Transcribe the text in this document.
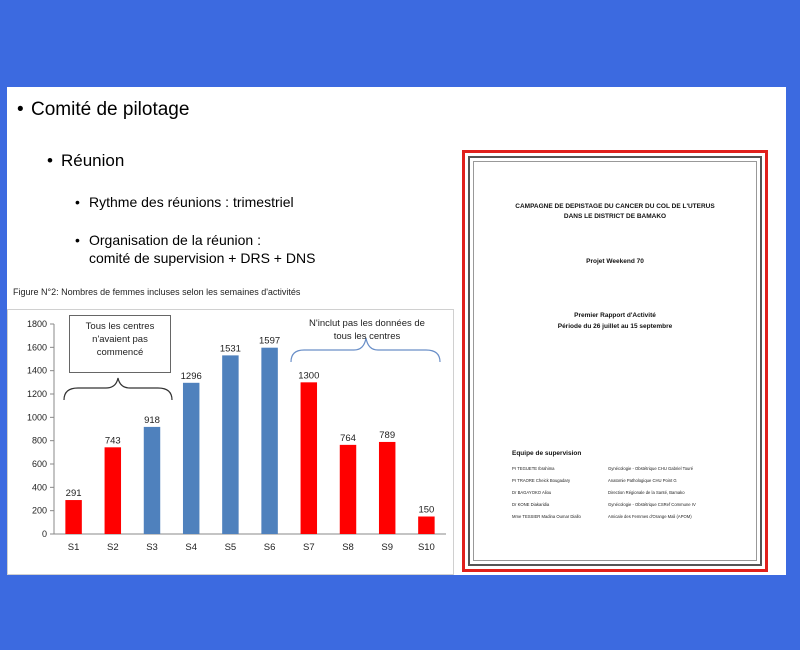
• Comité de pilotage
• Réunion
• Rythme des réunions : trimestriel
• Organisation de la réunion :
comité de supervision + DRS + DNS
Figure N°2: Nombres de femmes incluses selon les semaines d'activités
0
200
400
600
800
1000
1200
1400
1600
1800
291
S1
743
S2
918
S3
1296
S4
1531
S5
1597
S6
1300
S7
764
S8
789
S9
150
S10
Tous les centres
n'avaient pas
commencé
N'inclut pas les données de
tous les centres
CAMPAGNE DE DEPISTAGE DU CANCER DU COL DE L'UTERUS
DANS LE DISTRICT DE BAMAKO
Projet Weekend 70
Premier Rapport d'Activité
Période du 26 juillet au 15 septembre
Equipe de supervision
Pr TEGUETE Ibrahima	Gynécologie - Obstétrique CHU Gabriel Touré
Pr TRAORE Cheick Bougadary	Anatomie Pathologique CHU Point G
Dr BAGAYOKO Aliou	Direction Régionale de la Santé, Bamako
Dr KONE Diakaridia	Gynécologie - Obstétrique CSRef Commune IV
Mme TESSIER Madina Oumar Diallo	Amicale des Femmes d'Orange Mali (APOM)
